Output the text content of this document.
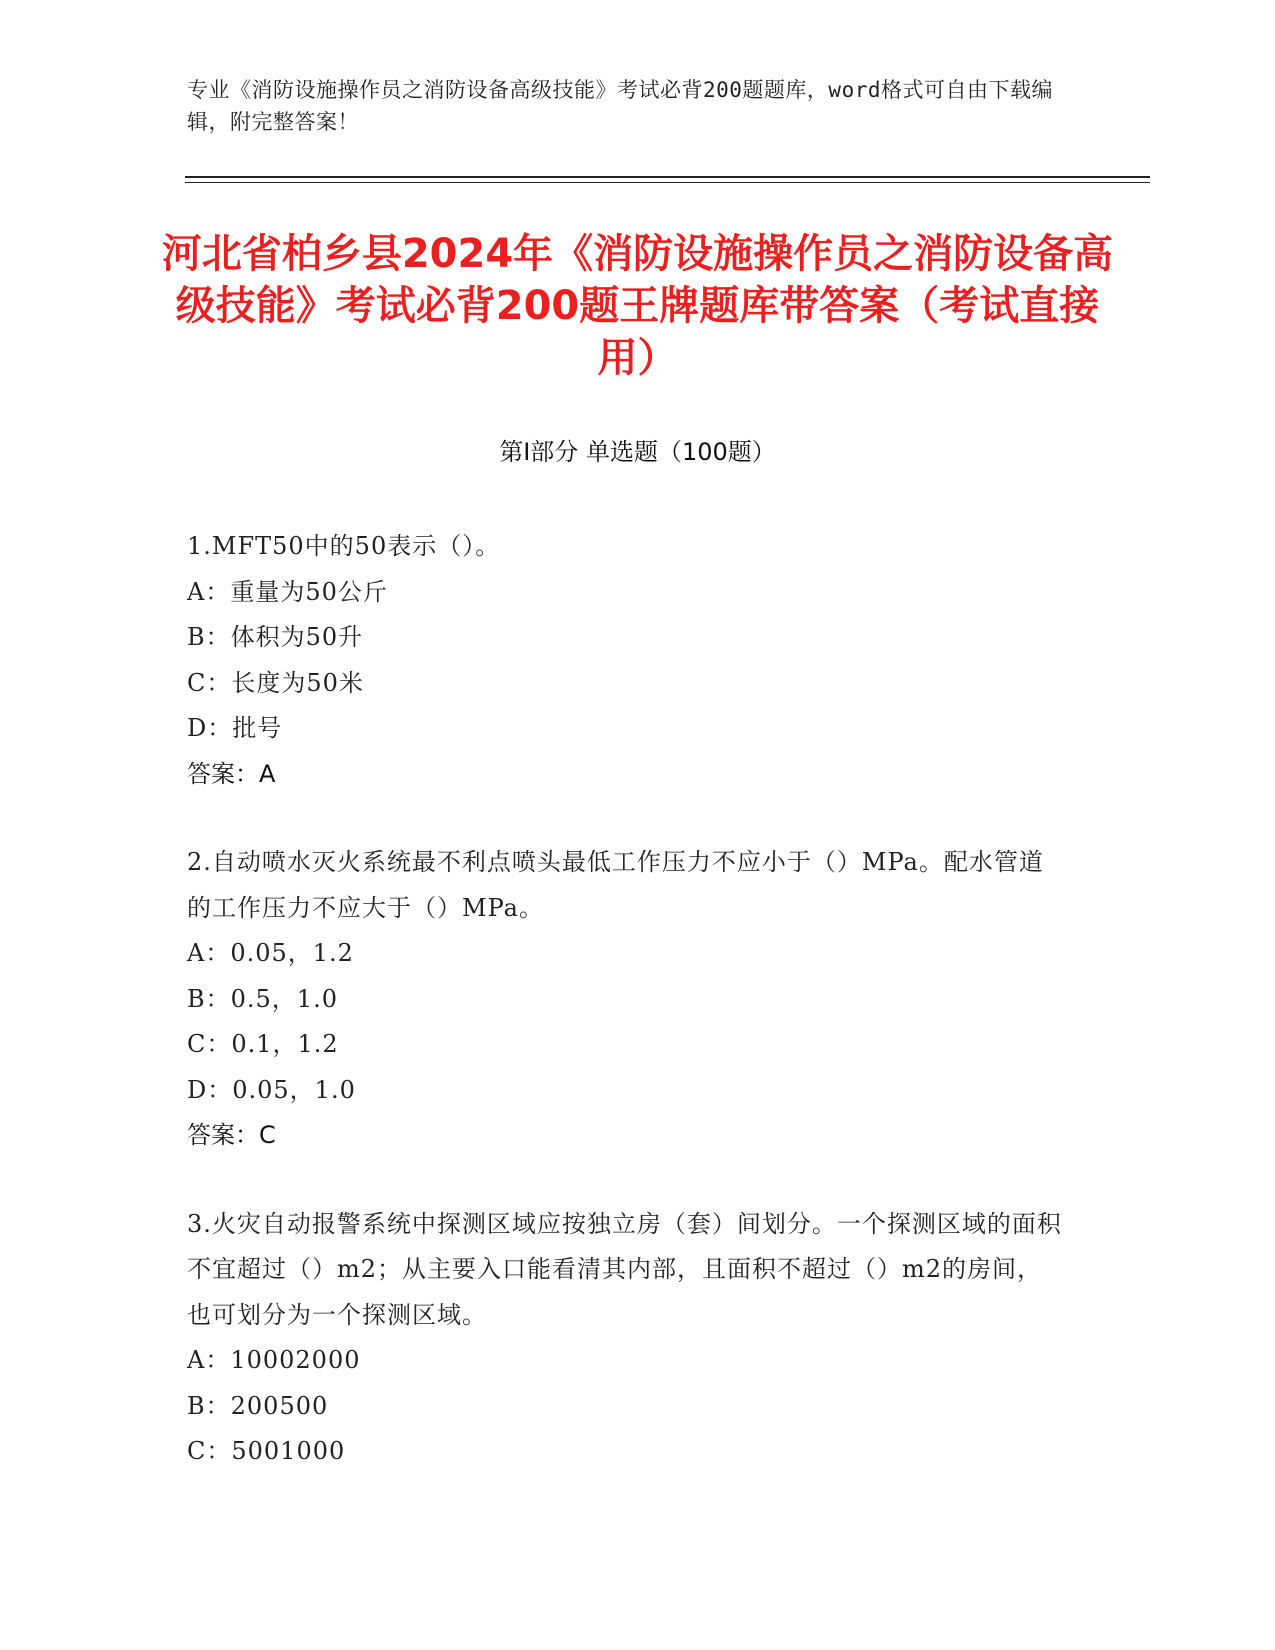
专业《消防设施操作员之消防设备高级技能》考试必背200题题库，word格式可自由下载编辑，附完整答案！
河北省柏乡县2024年《消防设施操作员之消防设备高级技能》考试必背200题王牌题库带答案（考试直接用）
第Ⅰ部分 单选题（100题）
1.MFT50中的50表示（）。
A：重量为50公斤
B：体积为50升
C：长度为50米
D：批号
答案：A
2.自动喷水灭火系统最不利点喷头最低工作压力不应小于（）MPa。配水管道的工作压力不应大于（）MPa。
A：0.05，1.2
B：0.5，1.0
C：0.1，1.2
D：0.05，1.0
答案：C
3.火灾自动报警系统中探测区域应按独立房（套）间划分。一个探测区域的面积不宜超过（）m2；从主要入口能看清其内部，且面积不超过（）m2的房间，也可划分为一个探测区域。
A：10002000
B：200500
C：5001000
